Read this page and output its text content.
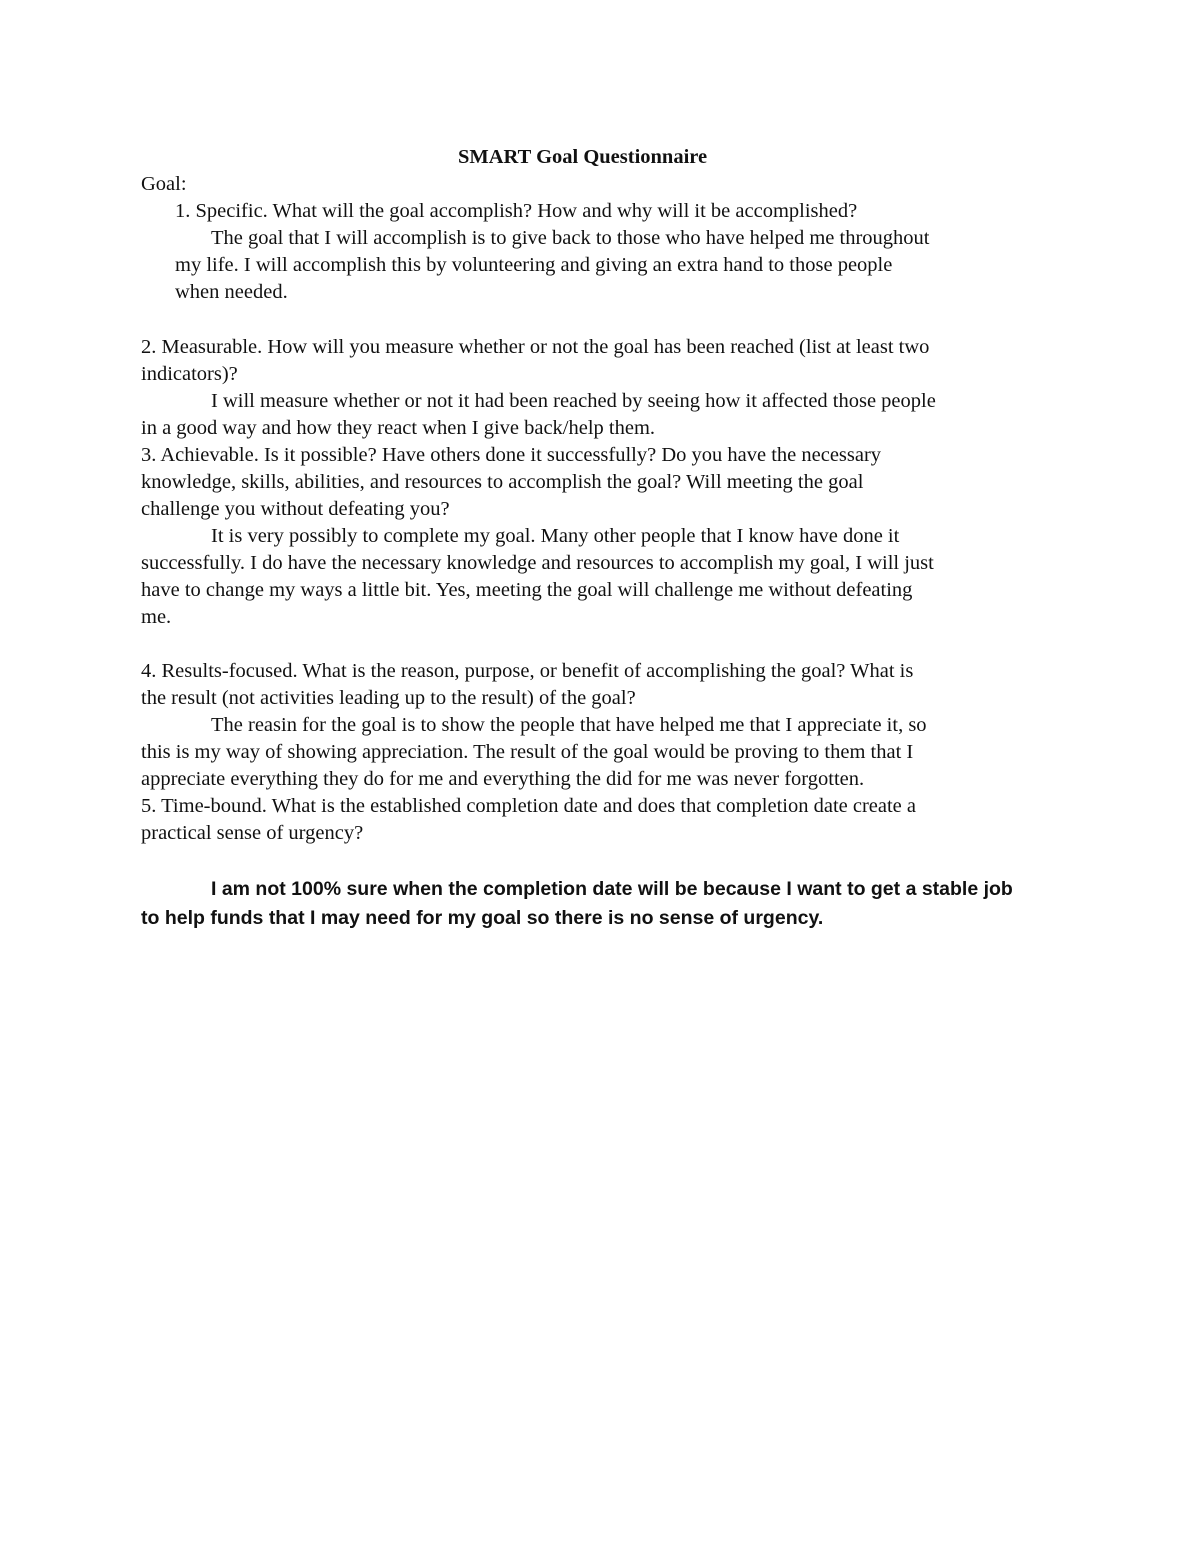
SMART Goal Questionnaire
Goal:
1. Specific. What will the goal accomplish? How and why will it be accomplished?
The goal that I will accomplish is to give back to those who have helped me throughout
my life. I will accomplish this by volunteering and giving an extra hand to those people
when needed.
2. Measurable. How will you measure whether or not the goal has been reached (list at least two
indicators)?
I will measure whether or not it had been reached by seeing how it affected those people
in a good way and how they react when I give back/help them.
3. Achievable. Is it possible? Have others done it successfully? Do you have the necessary
knowledge, skills, abilities, and resources to accomplish the goal? Will meeting the goal
challenge you without defeating you?
It is very possibly to complete my goal. Many other people that I know have done it
successfully. I do have the necessary knowledge and resources to accomplish my goal, I will just
have to change my ways a little bit. Yes, meeting the goal will challenge me without defeating
me.
4. Results-focused. What is the reason, purpose, or benefit of accomplishing the goal? What is
the result (not activities leading up to the result) of the goal?
The reasin for the goal is to show the people that have helped me that I appreciate it, so
this is my way of showing appreciation. The result of the goal would be proving to them that I
appreciate everything they do for me and everything the did for me was never forgotten.
5. Time-bound. What is the established completion date and does that completion date create a
practical sense of urgency?
I am not 100% sure when the completion date will be because I want to get a stable job
to help funds that I may need for my goal so there is no sense of urgency.
